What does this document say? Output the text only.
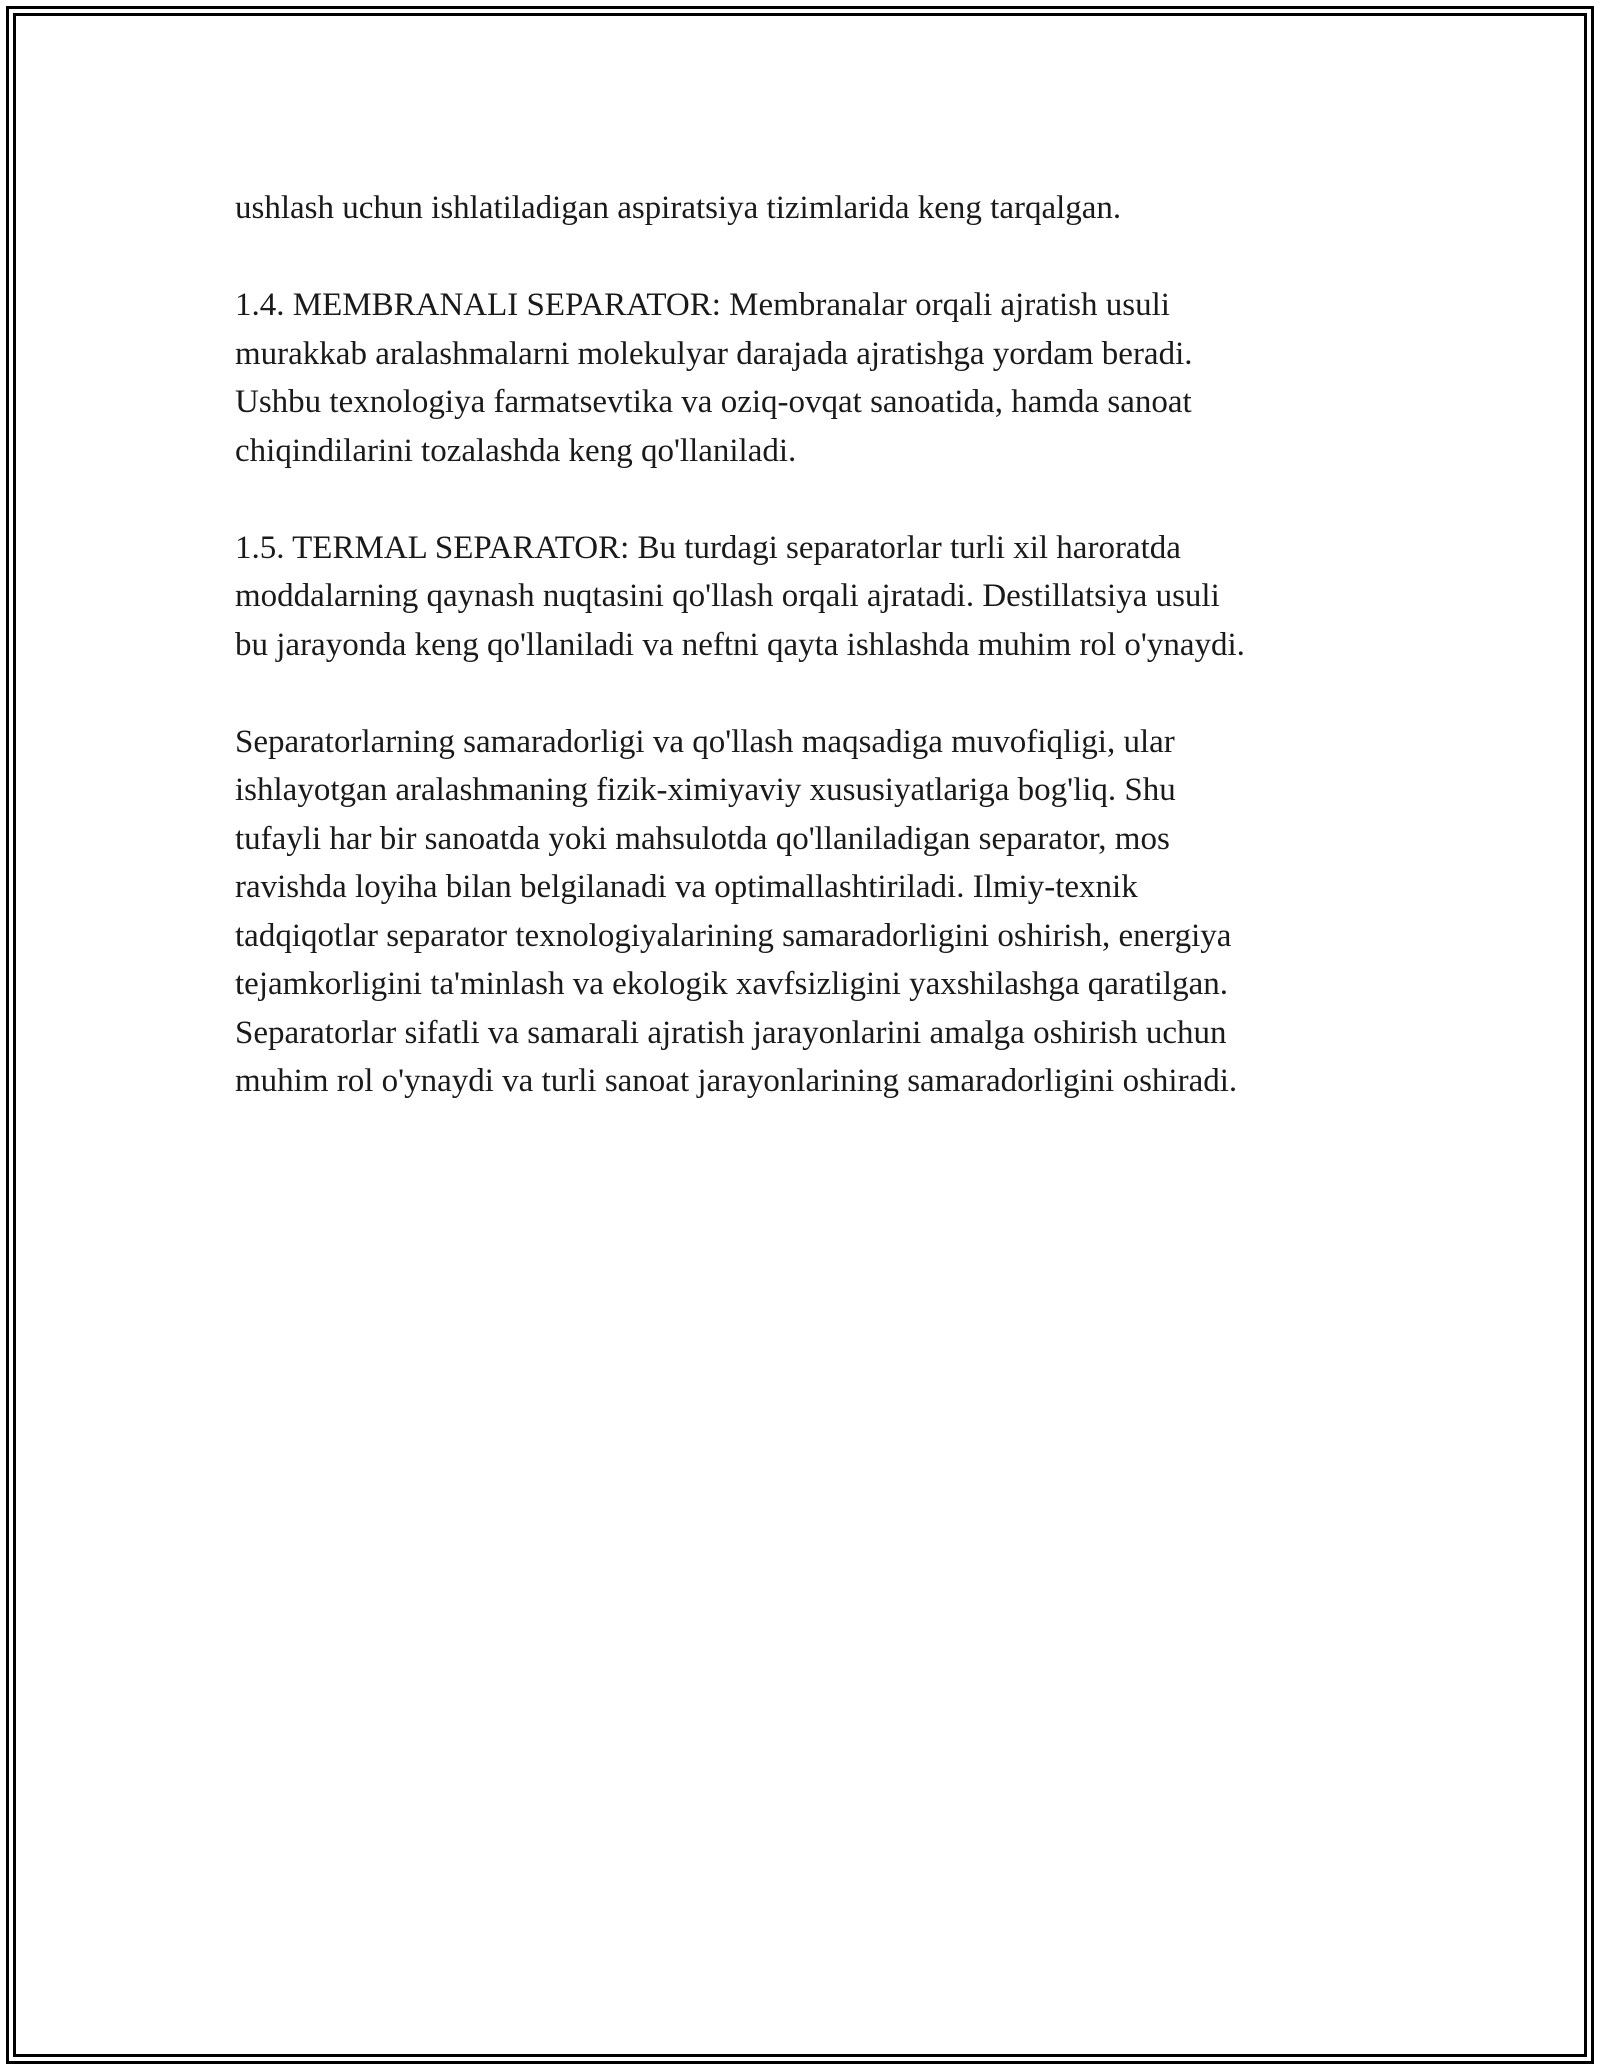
ushlash uchun ishlatiladigan aspiratsiya tizimlarida keng tarqalgan.

1.4. MEMBRANALI SEPARATOR: Membranalar orqali ajratish usuli
murakkab aralashmalarni molekulyar darajada ajratishga yordam beradi.
Ushbu texnologiya farmatsevtika va oziq-ovqat sanoatida, hamda sanoat
chiqindilarini tozalashda keng qo'llaniladi.

1.5. TERMAL SEPARATOR: Bu turdagi separatorlar turli xil haroratda
moddalarning qaynash nuqtasini qo'llash orqali ajratadi. Destillatsiya usuli
bu jarayonda keng qo'llaniladi va neftni qayta ishlashda muhim rol o'ynaydi.

Separatorlarning samaradorligi va qo'llash maqsadiga muvofiqligi, ular
ishlayotgan aralashmaning fizik-ximiyaviy xususiyatlariga bog'liq. Shu
tufayli har bir sanoatda yoki mahsulotda qo'llaniladigan separator, mos
ravishda loyiha bilan belgilanadi va optimallashtiriladi. Ilmiy-texnik
tadqiqotlar separator texnologiyalarining samaradorligini oshirish, energiya
tejamkorligini ta'minlash va ekologik xavfsizligini yaxshilashga qaratilgan.
Separatorlar sifatli va samarali ajratish jarayonlarini amalga oshirish uchun
muhim rol o'ynaydi va turli sanoat jarayonlarining samaradorligini oshiradi.
